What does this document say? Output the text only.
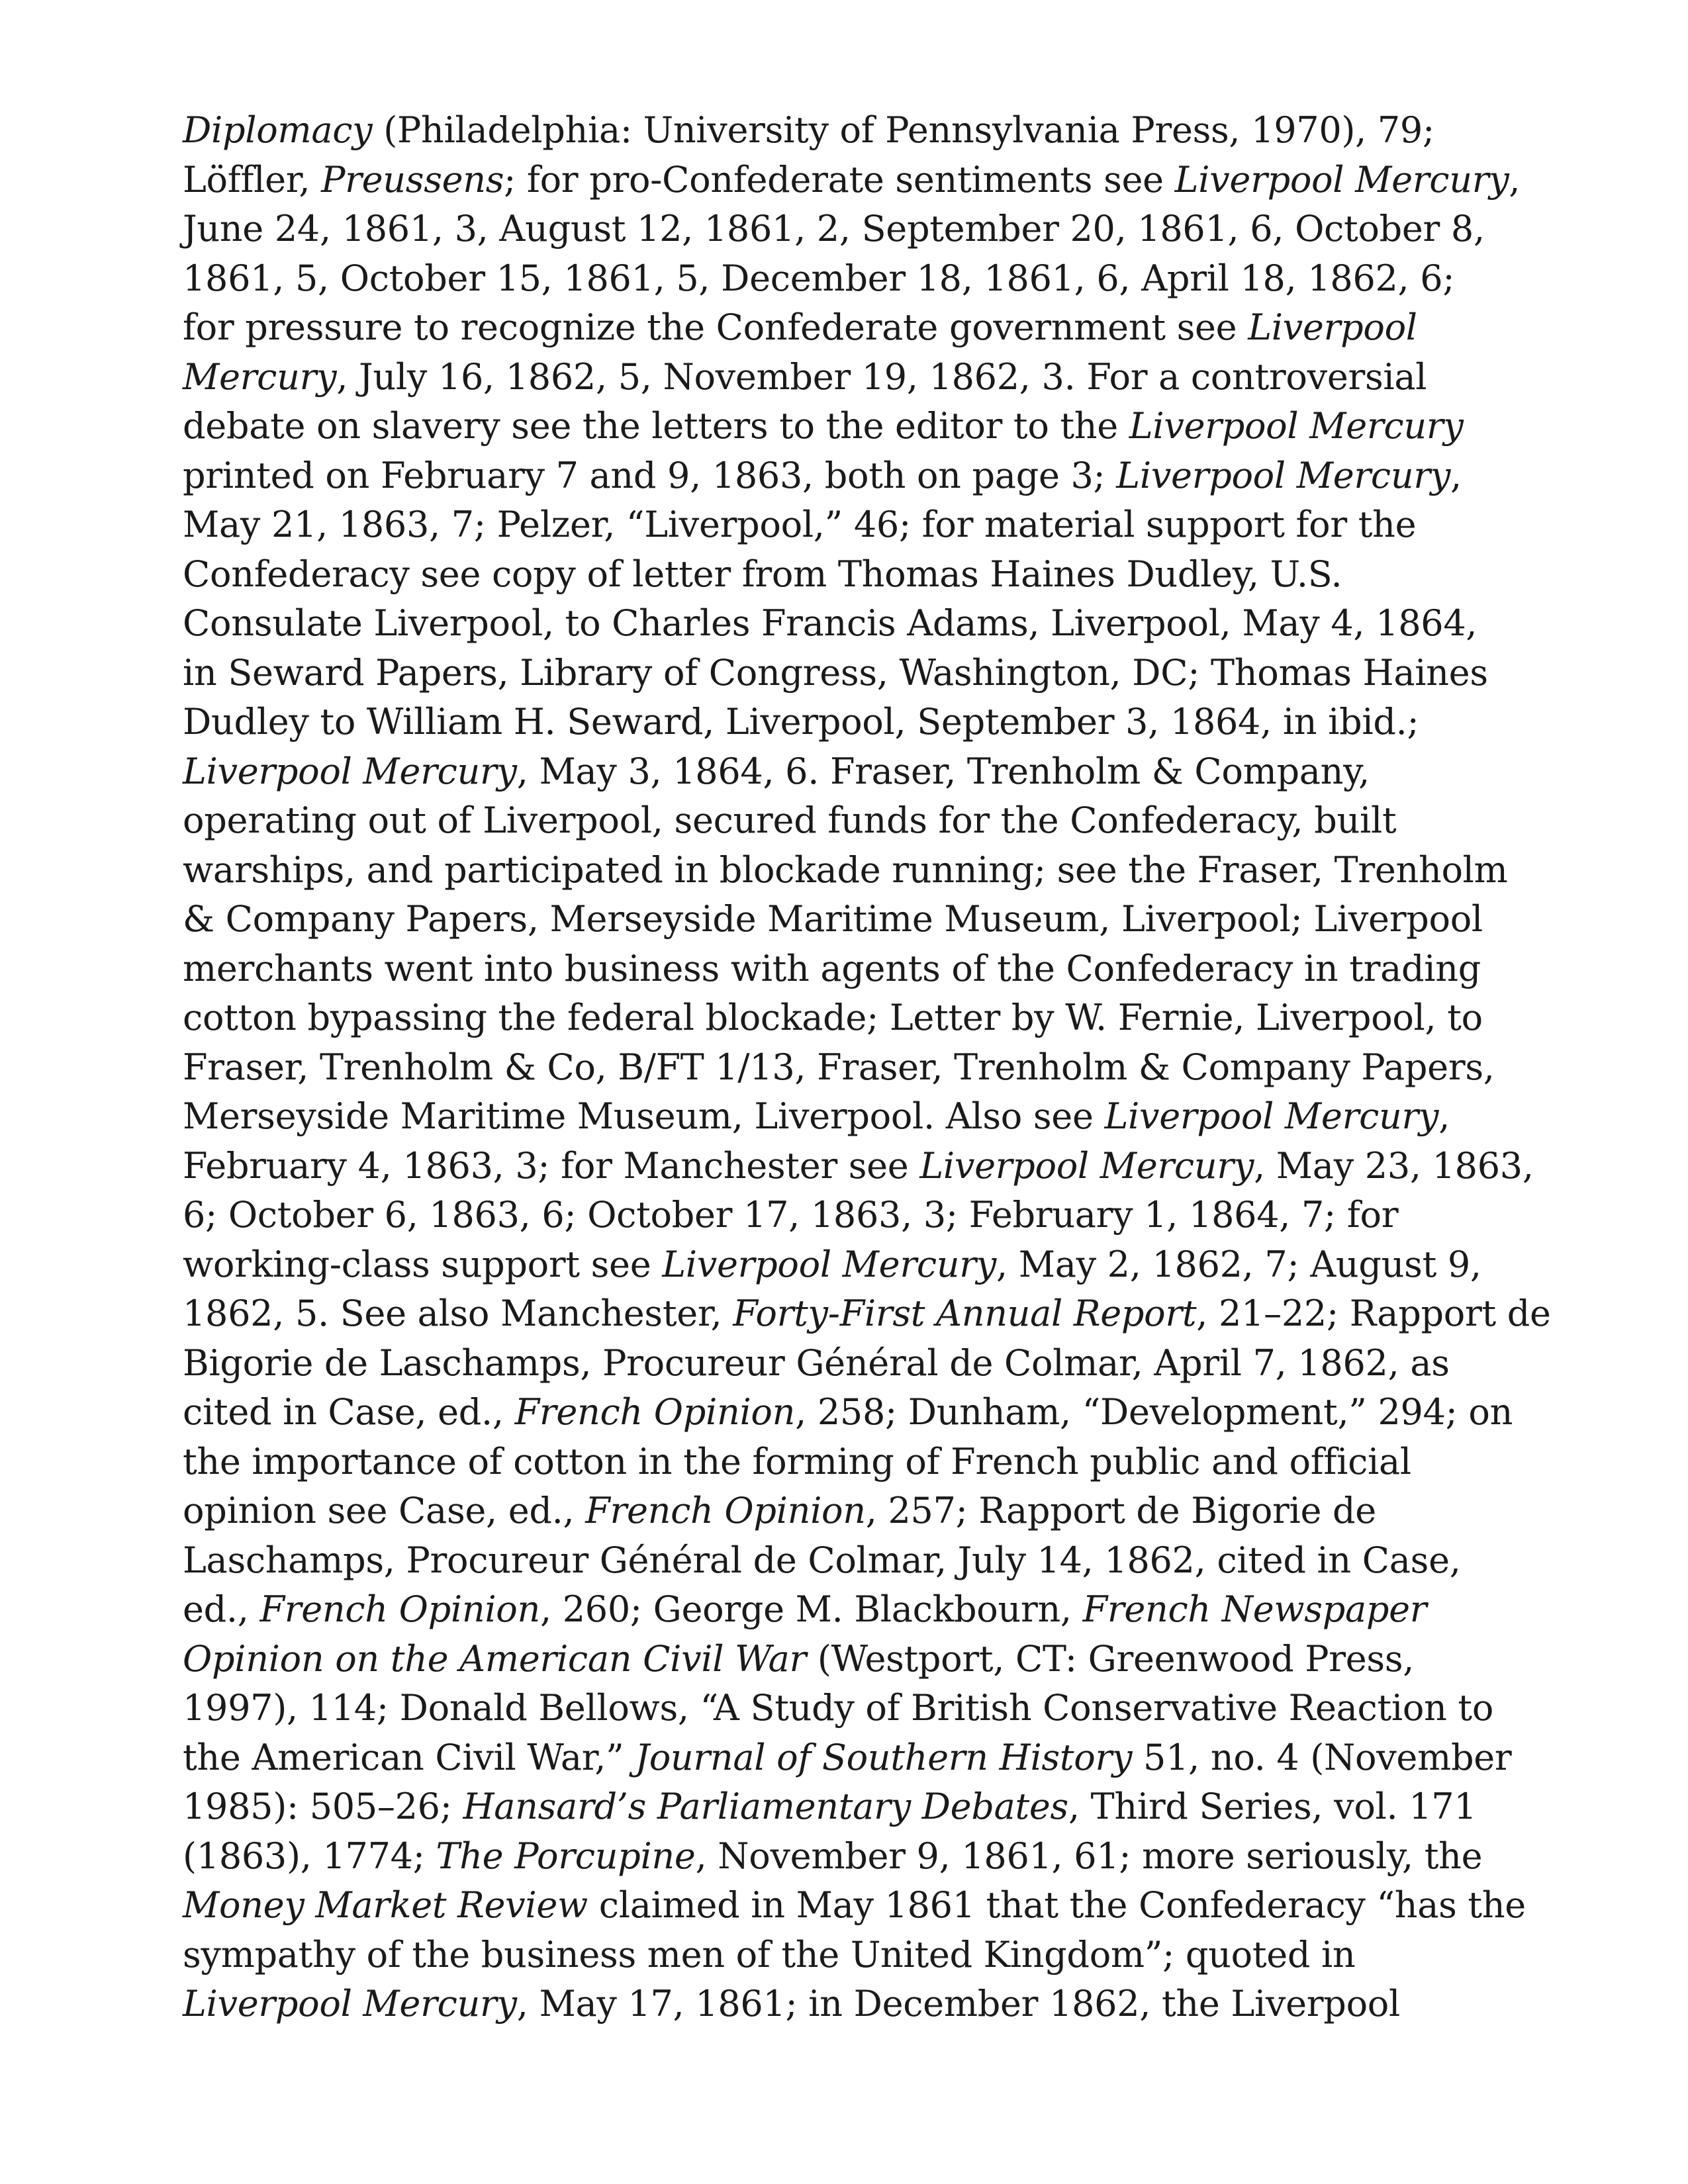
Diplomacy (Philadelphia: University of Pennsylvania Press, 1970), 79;
Löffler, Preussens; for pro-Confederate sentiments see Liverpool Mercury,
June 24, 1861, 3, August 12, 1861, 2, September 20, 1861, 6, October 8,
1861, 5, October 15, 1861, 5, December 18, 1861, 6, April 18, 1862, 6;
for pressure to recognize the Confederate government see Liverpool
Mercury, July 16, 1862, 5, November 19, 1862, 3. For a controversial
debate on slavery see the letters to the editor to the Liverpool Mercury
printed on February 7 and 9, 1863, both on page 3; Liverpool Mercury,
May 21, 1863, 7; Pelzer, “Liverpool,” 46; for material support for the
Confederacy see copy of letter from Thomas Haines Dudley, U.S.
Consulate Liverpool, to Charles Francis Adams, Liverpool, May 4, 1864,
in Seward Papers, Library of Congress, Washington, DC; Thomas Haines
Dudley to William H. Seward, Liverpool, September 3, 1864, in ibid.;
Liverpool Mercury, May 3, 1864, 6. Fraser, Trenholm & Company,
operating out of Liverpool, secured funds for the Confederacy, built
warships, and participated in blockade running; see the Fraser, Trenholm
& Company Papers, Merseyside Maritime Museum, Liverpool; Liverpool
merchants went into business with agents of the Confederacy in trading
cotton bypassing the federal blockade; Letter by W. Fernie, Liverpool, to
Fraser, Trenholm & Co, B/FT 1/13, Fraser, Trenholm & Company Papers,
Merseyside Maritime Museum, Liverpool. Also see Liverpool Mercury,
February 4, 1863, 3; for Manchester see Liverpool Mercury, May 23, 1863,
6; October 6, 1863, 6; October 17, 1863, 3; February 1, 1864, 7; for
working-class support see Liverpool Mercury, May 2, 1862, 7; August 9,
1862, 5. See also Manchester, Forty-First Annual Report, 21–22; Rapport de
Bigorie de Laschamps, Procureur Général de Colmar, April 7, 1862, as
cited in Case, ed., French Opinion, 258; Dunham, “Development,” 294; on
the importance of cotton in the forming of French public and official
opinion see Case, ed., French Opinion, 257; Rapport de Bigorie de
Laschamps, Procureur Général de Colmar, July 14, 1862, cited in Case,
ed., French Opinion, 260; George M. Blackbourn, French Newspaper
Opinion on the American Civil War (Westport, CT: Greenwood Press,
1997), 114; Donald Bellows, “A Study of British Conservative Reaction to
the American Civil War,” Journal of Southern History 51, no. 4 (November
1985): 505–26; Hansard’s Parliamentary Debates, Third Series, vol. 171
(1863), 1774; The Porcupine, November 9, 1861, 61; more seriously, the
Money Market Review claimed in May 1861 that the Confederacy “has the
sympathy of the business men of the United Kingdom”; quoted in
Liverpool Mercury, May 17, 1861; in December 1862, the Liverpool
